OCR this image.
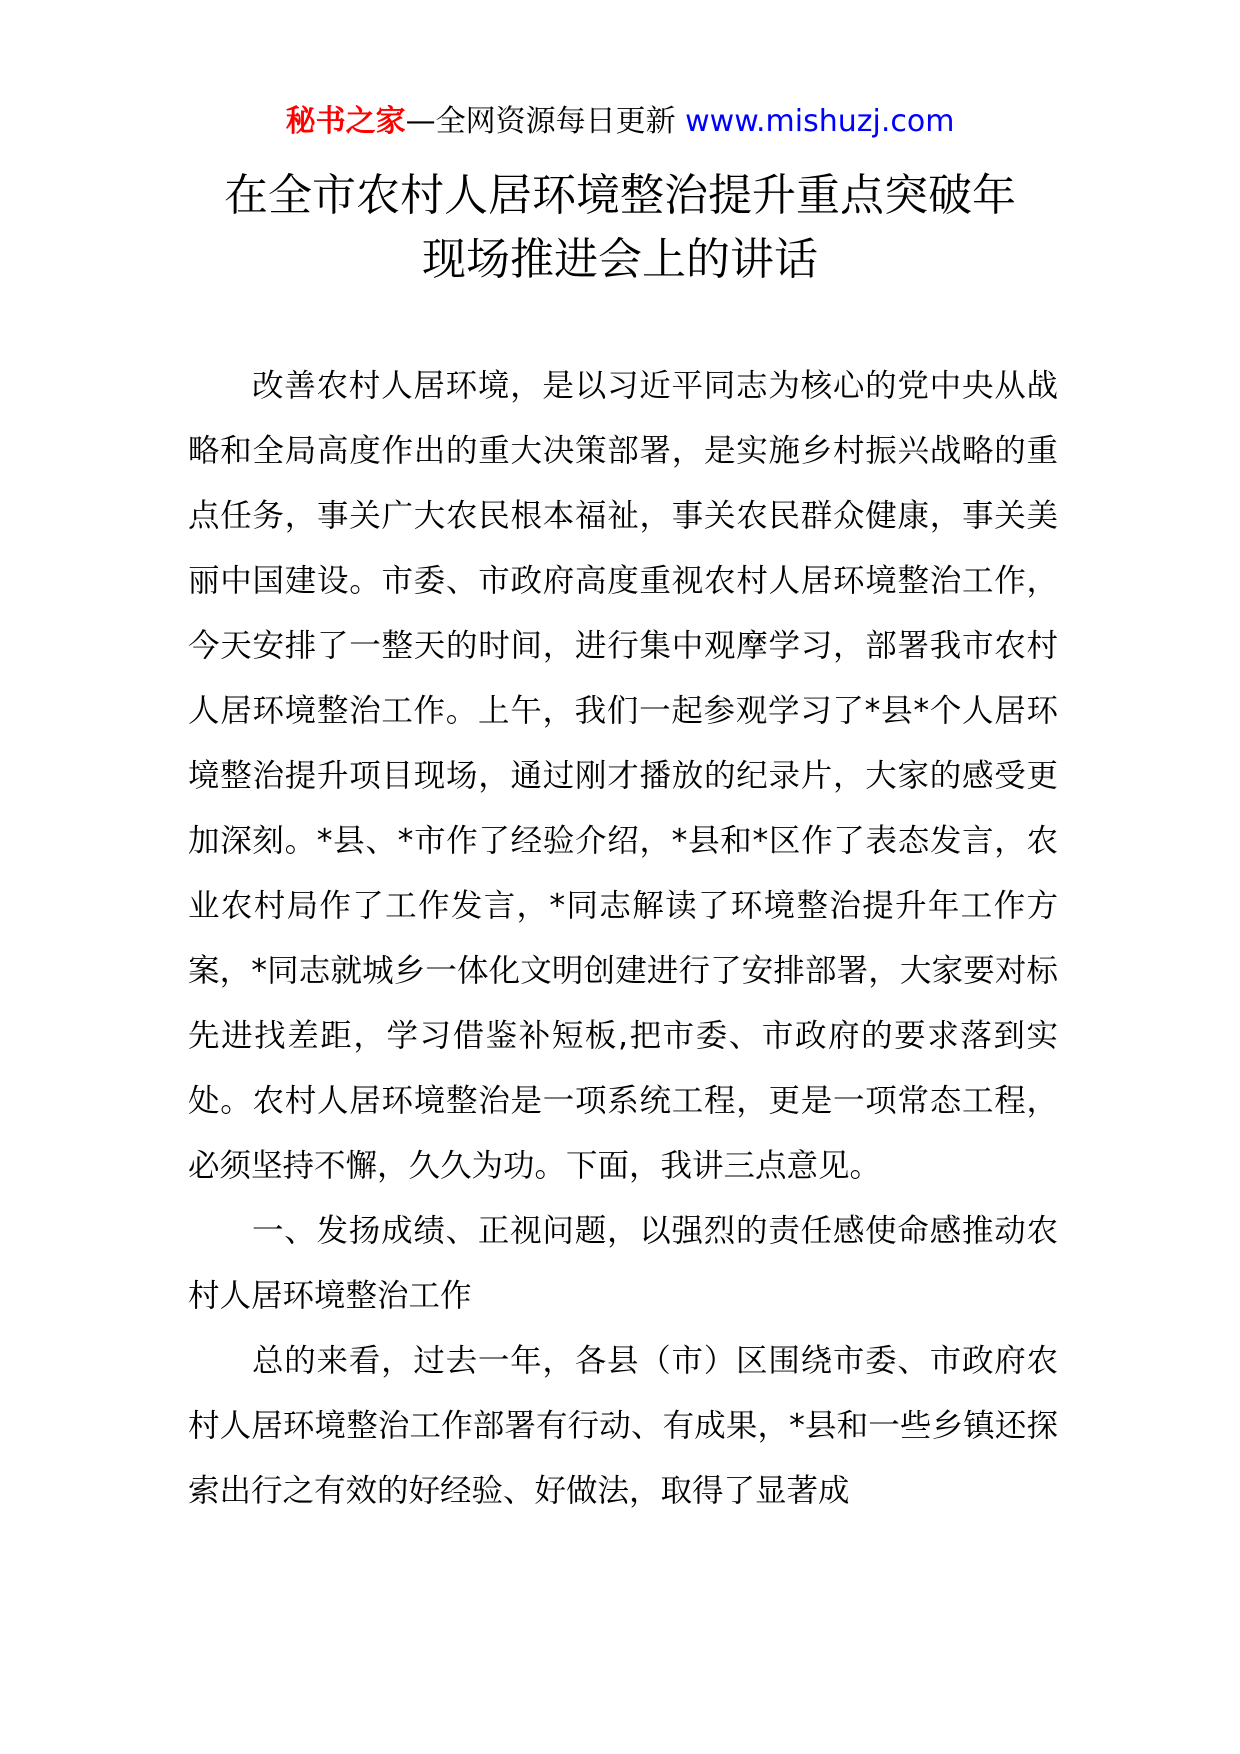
秘书之家—全网资源每日更新 www.mishuzj.com
在全市农村人居环境整治提升重点突破年
现场推进会上的讲话

改善农村人居环境，是以习近平同志为核心的党中央从战略和全局高度作出的重大决策部署，是实施乡村振兴战略的重点任务，事关广大农民根本福祉，事关农民群众健康，事关美丽中国建设。市委、市政府高度重视农村人居环境整治工作，今天安排了一整天的时间，进行集中观摩学习，部署我市农村人居环境整治工作。上午，我们一起参观学习了*县*个人居环境整治提升项目现场，通过刚才播放的纪录片，大家的感受更加深刻。*县、*市作了经验介绍，*县和*区作了表态发言，农业农村局作了工作发言，*同志解读了环境整治提升年工作方案，*同志就城乡一体化文明创建进行了安排部署，大家要对标先进找差距，学习借鉴补短板,把市委、市政府的要求落到实处。农村人居环境整治是一项系统工程，更是一项常态工程，必须坚持不懈，久久为功。下面，我讲三点意见。

一、发扬成绩、正视问题，以强烈的责任感使命感推动农村人居环境整治工作

总的来看，过去一年，各县（市）区围绕市委、市政府农村人居环境整治工作部署有行动、有成果，*县和一些乡镇还探索出行之有效的好经验、好做法，取得了显著成
